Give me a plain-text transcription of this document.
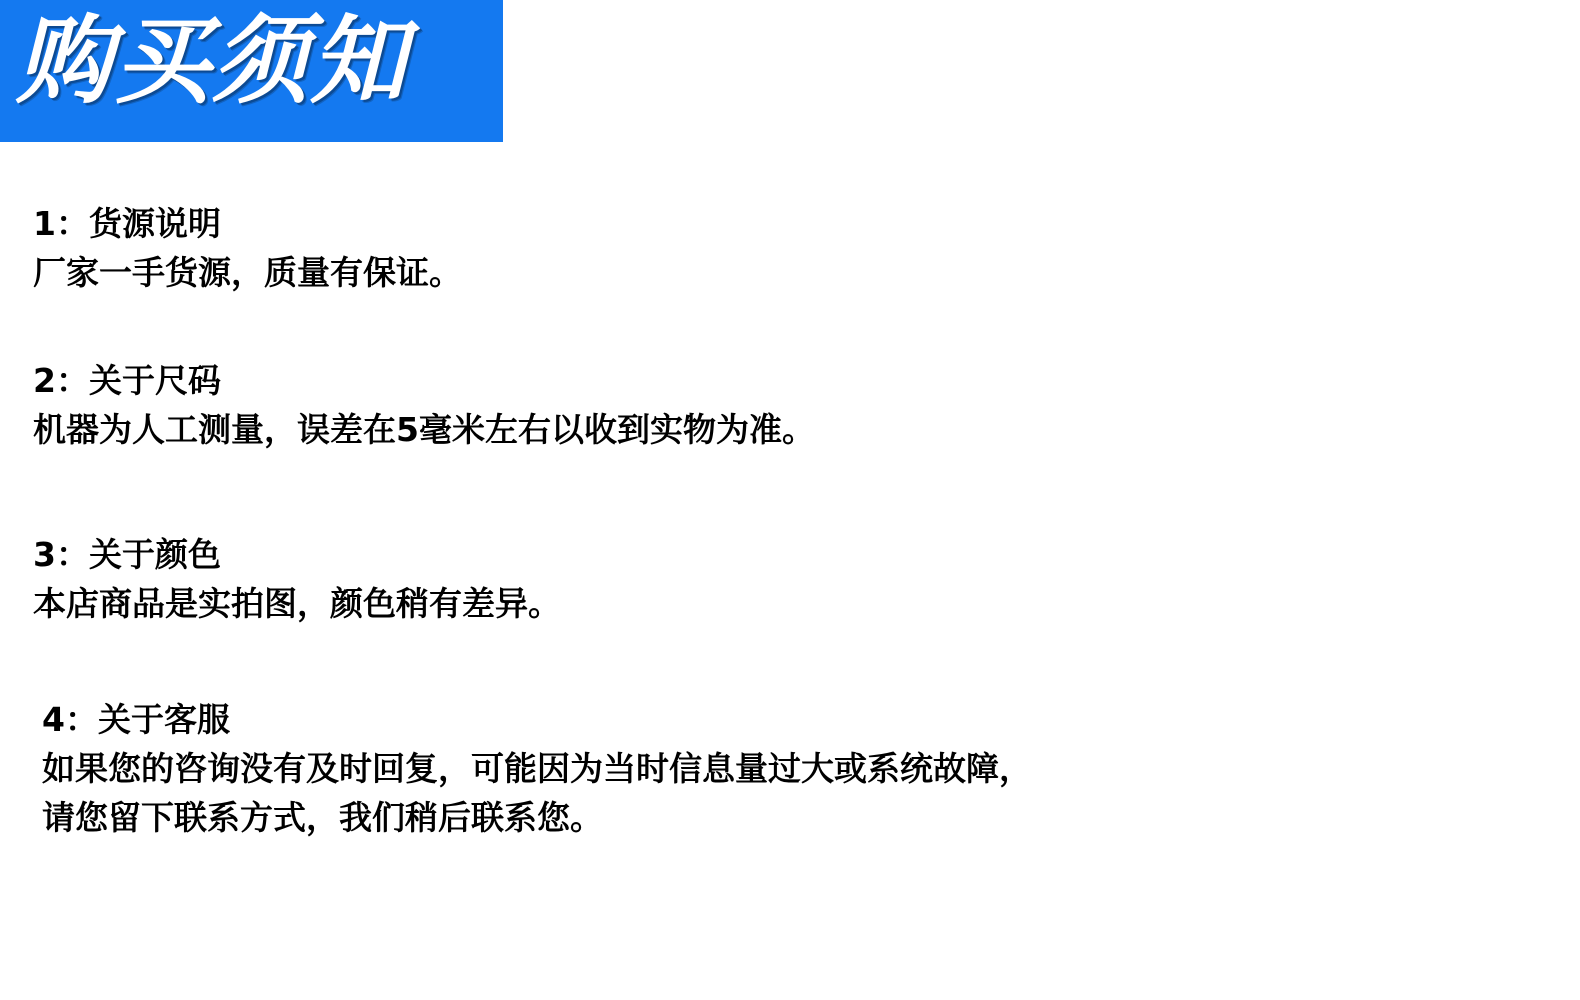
购买须知
1：货源说明
厂家一手货源，质量有保证。
2：关于尺码
机器为人工测量，误差在5毫米左右以收到实物为准。
3：关于颜色
本店商品是实拍图，颜色稍有差异。
4：关于客服
如果您的咨询没有及时回复，可能因为当时信息量过大或系统故障，
请您留下联系方式，我们稍后联系您。
